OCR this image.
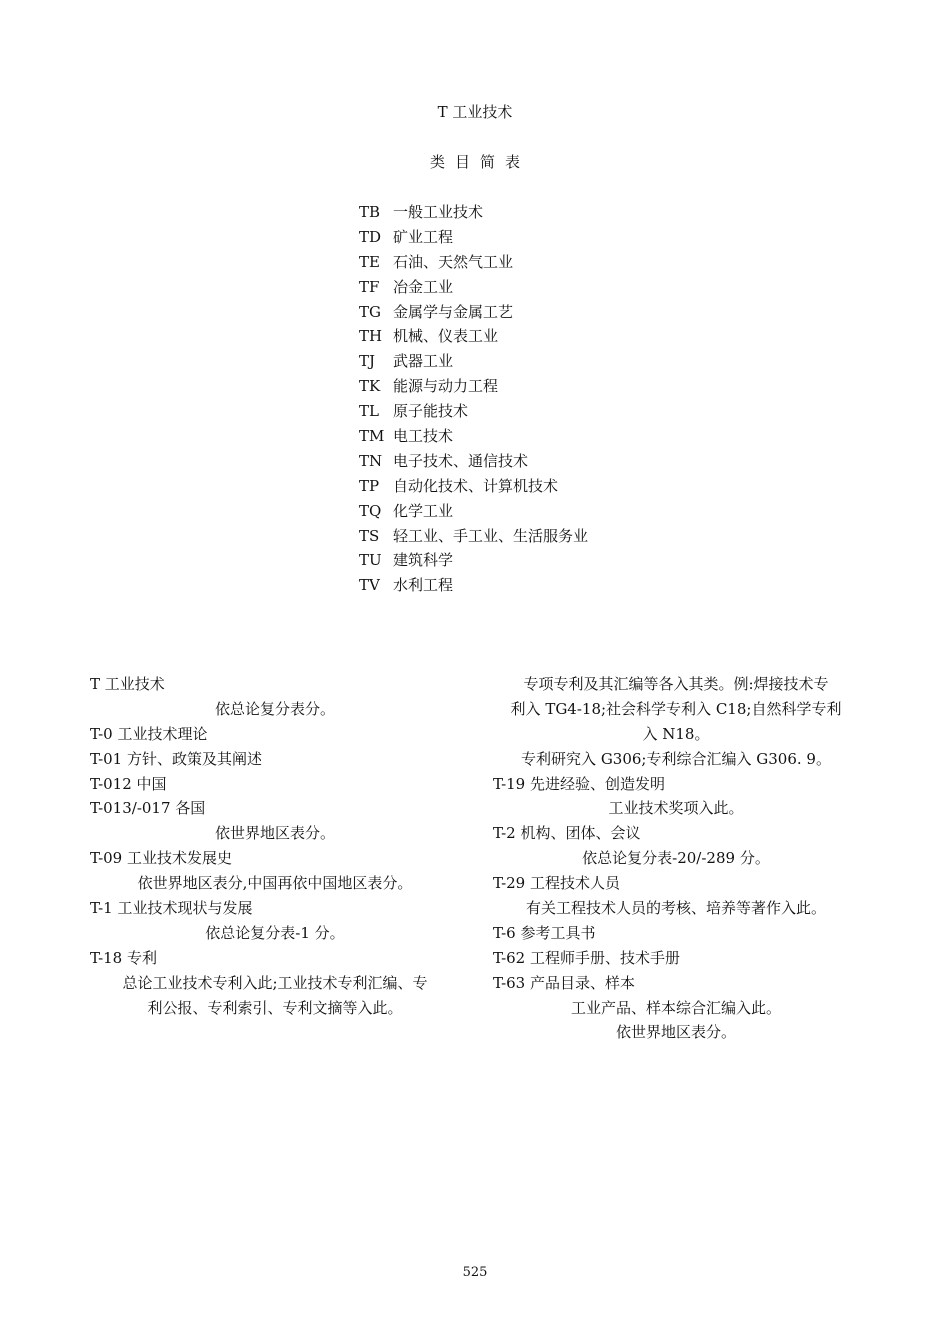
T 工业技术
类目简表
TB 一般工业技术
TD 矿业工程
TE 石油、天然气工业
TF 冶金工业
TG 金属学与金属工艺
TH 机械、仪表工业
TJ 武器工业
TK 能源与动力工程
TL 原子能技术
TM 电工技术
TN 电子技术、通信技术
TP 自动化技术、计算机技术
TQ 化学工业
TS 轻工业、手工业、生活服务业
TU 建筑科学
TV 水利工程
T 工业技术
依总论复分表分。
T-0 工业技术理论
T-01 方针、政策及其阐述
T-012 中国
T-013/-017 各国
依世界地区表分。
T-09 工业技术发展史
依世界地区表分,中国再依中国地区表分。
T-1 工业技术现状与发展
依总论复分表-1 分。
T-18 专利
总论工业技术专利入此;工业技术专利汇编、专
利公报、专利索引、专利文摘等入此。
专项专利及其汇编等各入其类。例:焊接技术专
利入 TG4-18;社会科学专利入 C18;自然科学专利
入 N18。
专利研究入 G306;专利综合汇编入 G306. 9。
T-19 先进经验、创造发明
工业技术奖项入此。
T-2 机构、团体、会议
依总论复分表-20/-289 分。
T-29 工程技术人员
有关工程技术人员的考核、培养等著作入此。
T-6 参考工具书
T-62 工程师手册、技术手册
T-63 产品目录、样本
工业产品、样本综合汇编入此。
依世界地区表分。
525
